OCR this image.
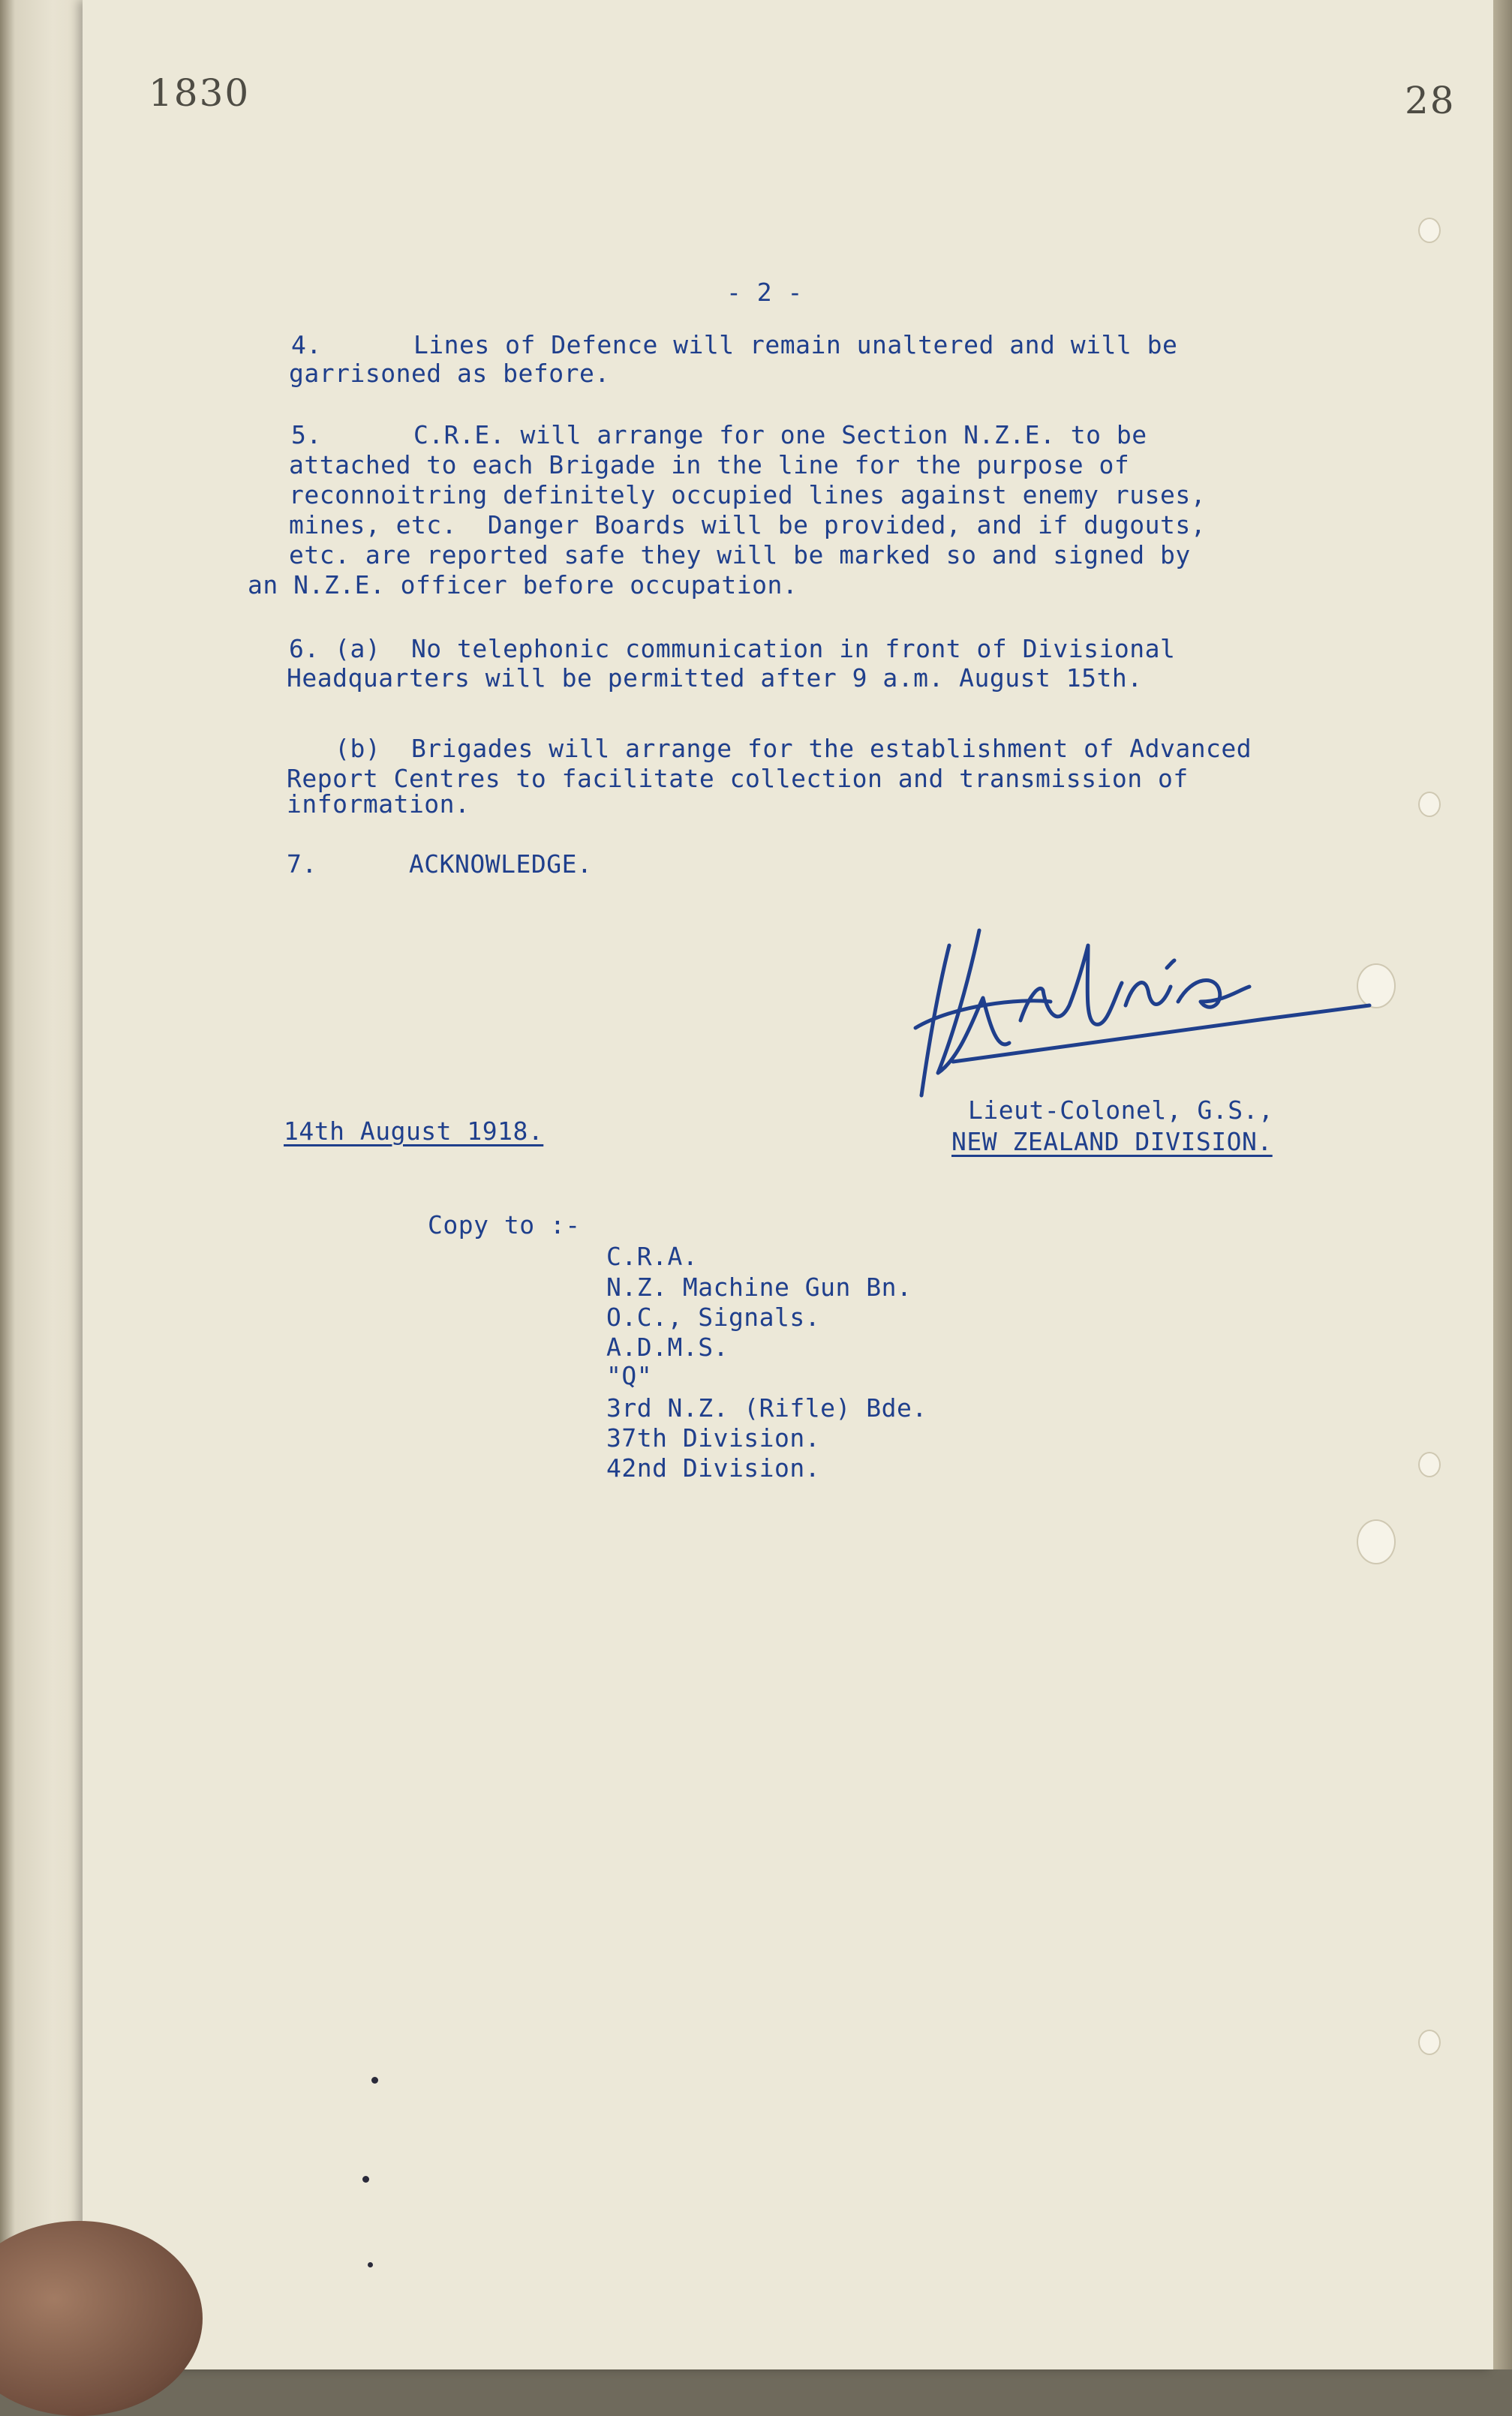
1830	28
- 2 -
4.      Lines of Defence will remain unaltered and will be
garrisoned as before.
5.      C.R.E. will arrange for one Section N.Z.E. to be
attached to each Brigade in the line for the purpose of
reconnoitring definitely occupied lines against enemy ruses,
mines, etc.  Danger Boards will be provided, and if dugouts,
etc. are reported safe they will be marked so and signed by
an N.Z.E. officer before occupation.
6. (a)  No telephonic communication in front of Divisional
Headquarters will be permitted after 9 a.m. August 15th.
(b)  Brigades will arrange for the establishment of Advanced
Report Centres to facilitate collection and transmission of
information.
7.      ACKNOWLEDGE.
14th August 1918.
Lieut-Colonel, G.S.,
NEW ZEALAND DIVISION.
Copy to :-
C.R.A.
N.Z. Machine Gun Bn.
O.C., Signals.
A.D.M.S.
"Q"
3rd N.Z. (Rifle) Bde.
37th Division.
42nd Division.
